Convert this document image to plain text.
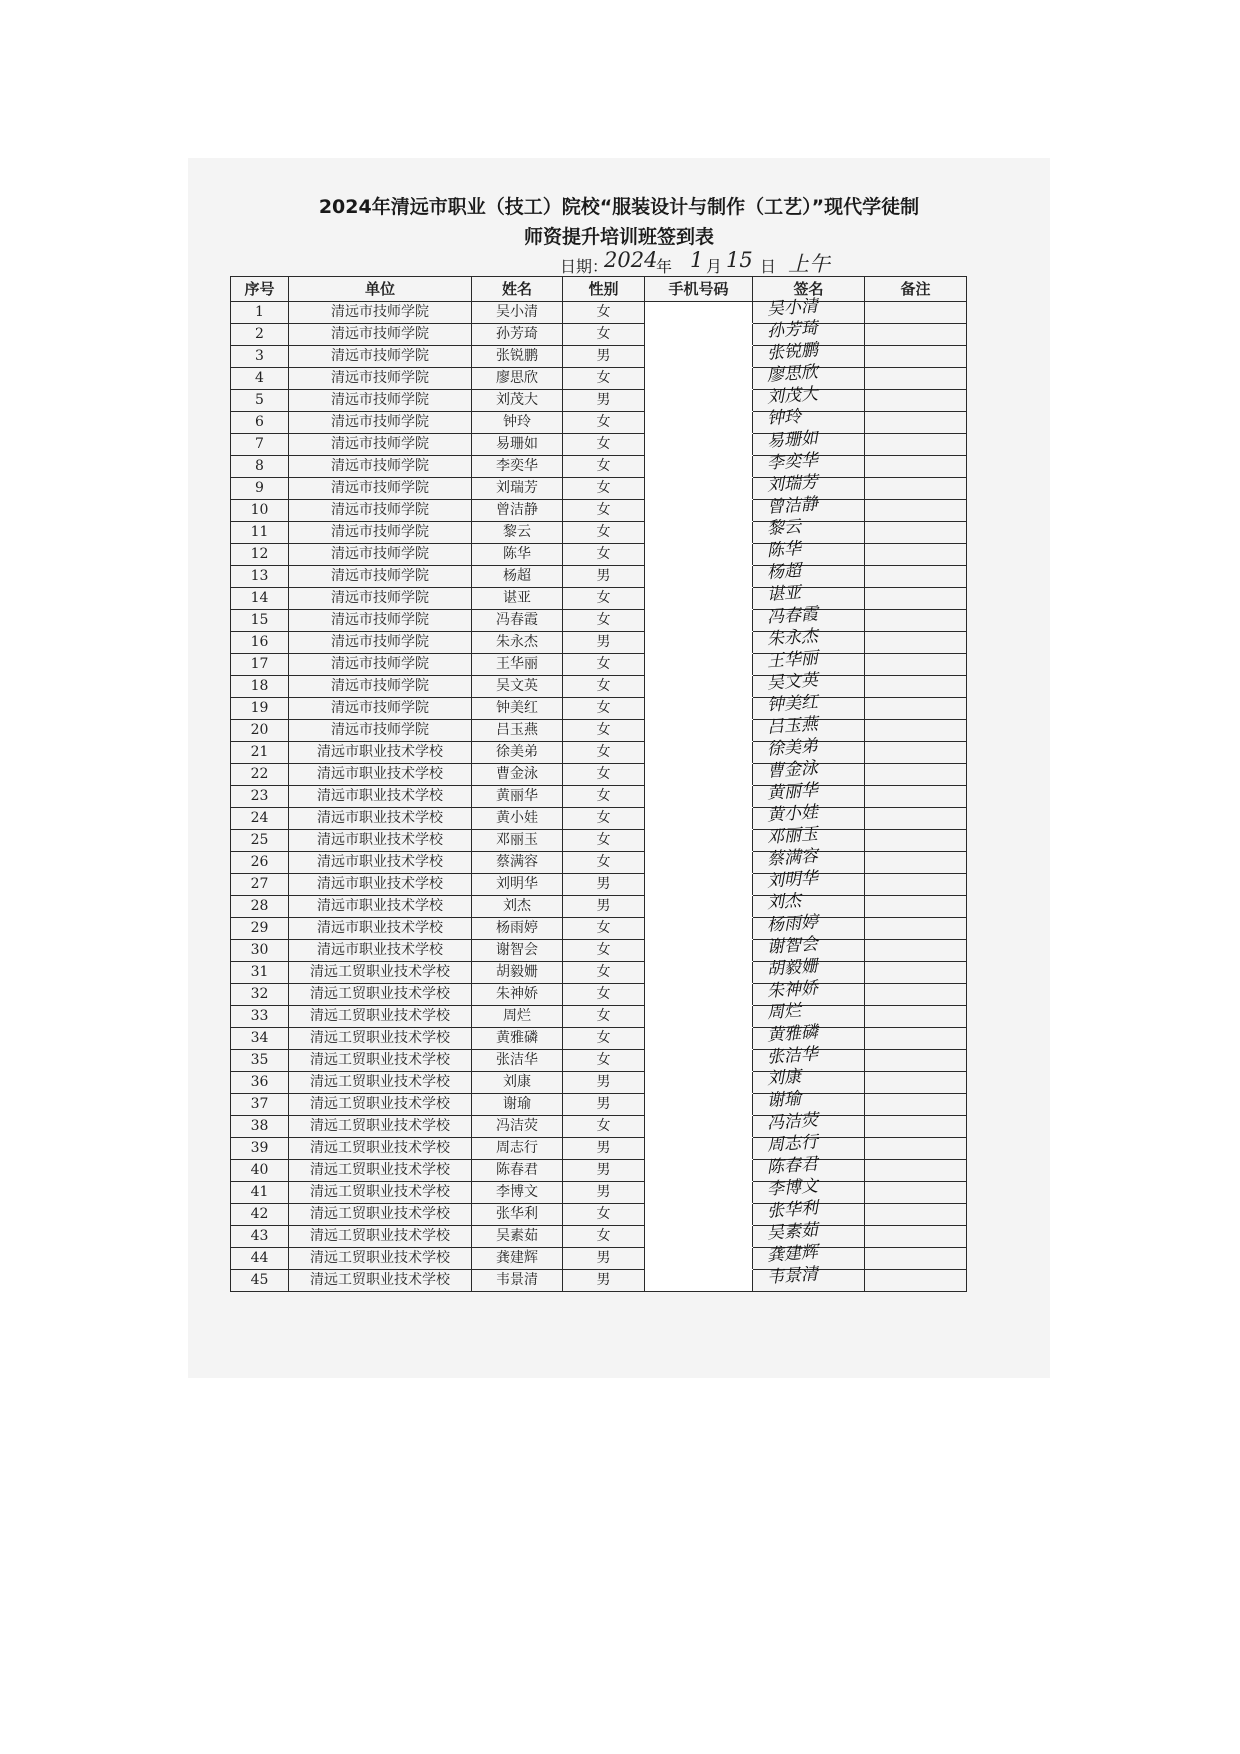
2024年清远市职业（技工）院校“服装设计与制作（工艺）”现代学徒制
师资提升培训班签到表
日期：
2024
年 1 月 15 日 上午
序号	单位	姓名	性别	手机号码	签名	备注
1	清远市技师学院	吴小清	女		吴小清	

2	清远市技师学院	孙芳琦	女		孙芳琦	

3	清远市技师学院	张锐鹏	男		张锐鹏	

4	清远市技师学院	廖思欣	女		廖思欣	

5	清远市技师学院	刘茂大	男		刘茂大	

6	清远市技师学院	钟玲	女		钟玲	

7	清远市技师学院	易珊如	女		易珊如	

8	清远市技师学院	李奕华	女		李奕华	

9	清远市技师学院	刘瑞芳	女		刘瑞芳	

10	清远市技师学院	曾洁静	女		曾洁静	

11	清远市技师学院	黎云	女		黎云	

12	清远市技师学院	陈华	女		陈华	

13	清远市技师学院	杨超	男		杨超	

14	清远市技师学院	谌亚	女		谌亚	

15	清远市技师学院	冯春霞	女		冯春霞	

16	清远市技师学院	朱永杰	男		朱永杰	

17	清远市技师学院	王华丽	女		王华丽	

18	清远市技师学院	吴文英	女		吴文英	

19	清远市技师学院	钟美红	女		钟美红	

20	清远市技师学院	吕玉燕	女		吕玉燕	

21	清远市职业技术学校	徐美弟	女		徐美弟	

22	清远市职业技术学校	曹金泳	女		曹金泳	

23	清远市职业技术学校	黄丽华	女		黄丽华	

24	清远市职业技术学校	黄小娃	女		黄小娃	

25	清远市职业技术学校	邓丽玉	女		邓丽玉	

26	清远市职业技术学校	蔡满容	女		蔡满容	

27	清远市职业技术学校	刘明华	男		刘明华	

28	清远市职业技术学校	刘杰	男		刘杰	

29	清远市职业技术学校	杨雨婷	女		杨雨婷	

30	清远市职业技术学校	谢智会	女		谢智会	

31	清远工贸职业技术学校	胡毅姗	女		胡毅姗	

32	清远工贸职业技术学校	朱神娇	女		朱神娇	

33	清远工贸职业技术学校	周烂	女		周烂	

34	清远工贸职业技术学校	黄雅磷	女		黄雅磷	

35	清远工贸职业技术学校	张洁华	女		张洁华	

36	清远工贸职业技术学校	刘康	男		刘康	

37	清远工贸职业技术学校	谢瑜	男		谢瑜	

38	清远工贸职业技术学校	冯洁荧	女		冯洁荧	

39	清远工贸职业技术学校	周志行	男		周志行	

40	清远工贸职业技术学校	陈春君	男		陈春君	

41	清远工贸职业技术学校	李博文	男		李博文	

42	清远工贸职业技术学校	张华利	女		张华利	

43	清远工贸职业技术学校	吴素茹	女		吴素茹	

44	清远工贸职业技术学校	龚建辉	男		龚建辉	

45	清远工贸职业技术学校	韦景清	男		韦景清	
